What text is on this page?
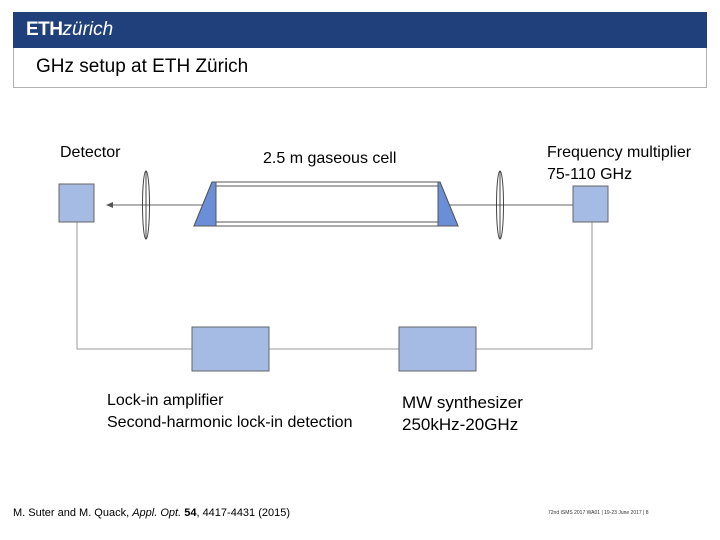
ETHzürich
GHz setup at ETH Zürich
Detector	2.5 m gaseous cell	Frequency multiplier
75-110 GHz
Lock-in amplifier
Second-harmonic lock-in detection
MW synthesizer
250kHz-20GHz
M. Suter and M. Quack, Appl. Opt. 54, 4417-4431 (2015)	72nd ISMS 2017 WA01 | 19-23 June 2017 | 8
